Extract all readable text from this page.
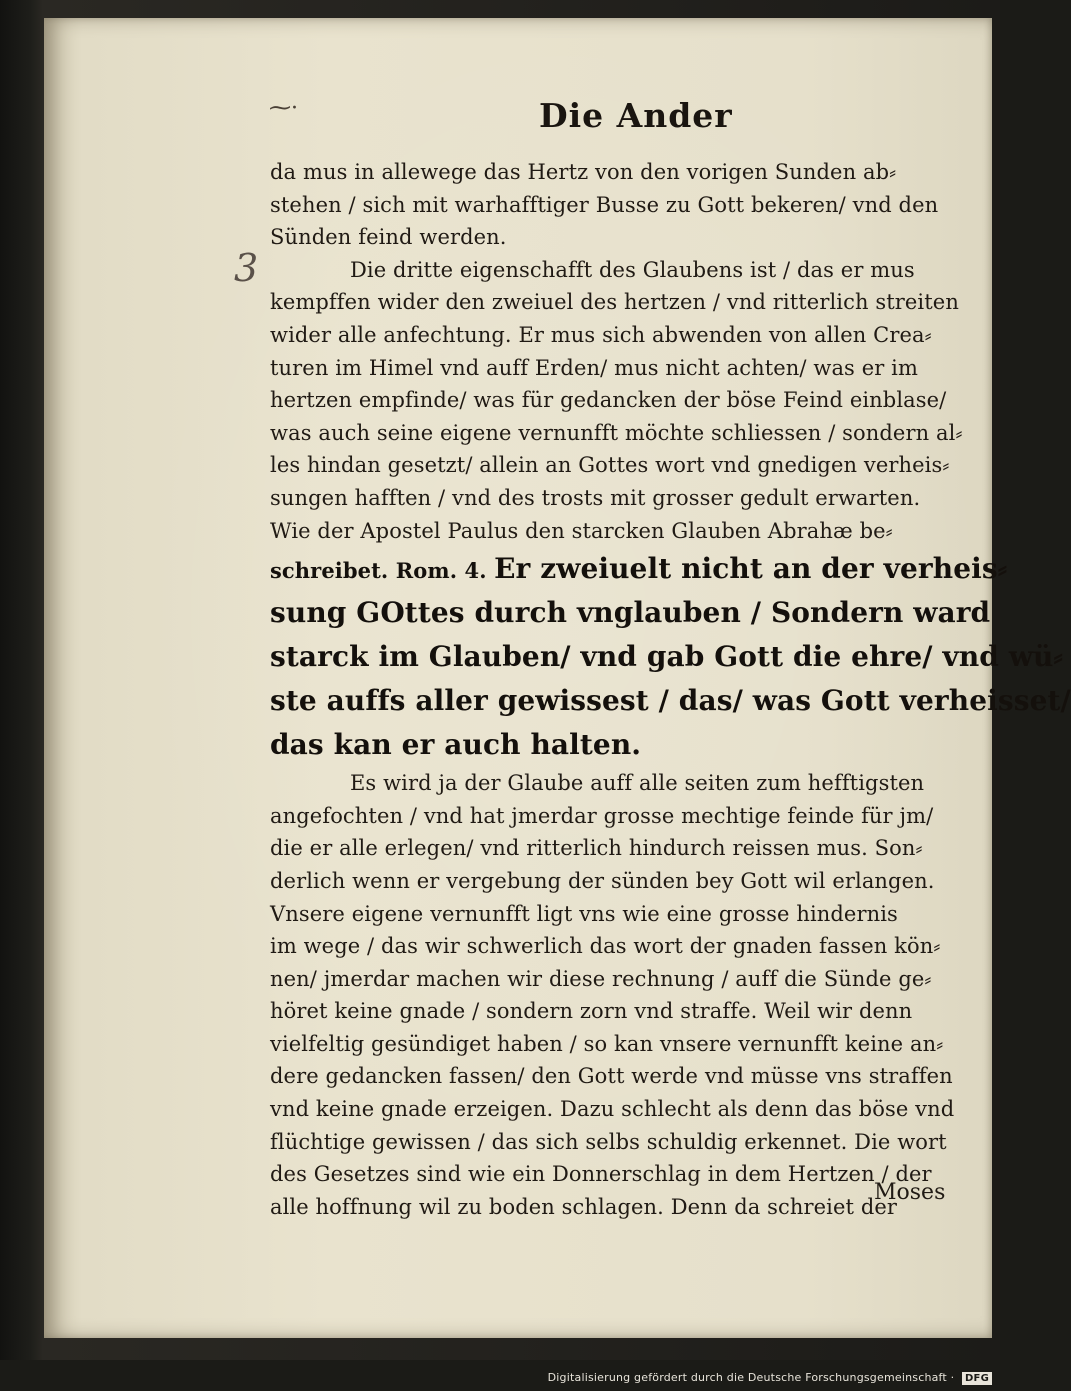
⁓·	Die Ander
3
da mus in allewege das Hertz von den vorigen Sunden ab⸗
stehen / sich mit warhafftiger Busse zu Gott bekeren/ vnd den
Sünden feind werden.
Die dritte eigenschafft des Glaubens ist / das er mus
kempffen wider den zweiuel des hertzen / vnd ritterlich streiten
wider alle anfechtung. Er mus sich abwenden von allen Crea⸗
turen im Himel vnd auff Erden/ mus nicht achten/ was er im
hertzen empfinde/ was für gedancken der böse Feind einblase/
was auch seine eigene vernunfft möchte schliessen / sondern al⸗
les hindan gesetzt/ allein an Gottes wort vnd gnedigen verheis⸗
sungen hafften / vnd des trosts mit grosser gedult erwarten.
Wie der Apostel Paulus den starcken Glauben Abrahæ be⸗
schreibet. Rom. 4. Er zweiuelt nicht an der verheis⸗
sung GOttes durch vnglauben / Sondern ward
starck im Glauben/ vnd gab Gott die ehre/ vnd wü⸗
ste auffs aller gewissest / das/ was Gott verheisset/
das kan er auch halten.
Es wird ja der Glaube auff alle seiten zum hefftigsten
angefochten / vnd hat jmerdar grosse mechtige feinde für jm/
die er alle erlegen/ vnd ritterlich hindurch reissen mus. Son⸗
derlich wenn er vergebung der sünden bey Gott wil erlangen.
Vnsere eigene vernunfft ligt vns wie eine grosse hindernis
im wege / das wir schwerlich das wort der gnaden fassen kön⸗
nen/ jmerdar machen wir diese rechnung / auff die Sünde ge⸗
höret keine gnade / sondern zorn vnd straffe. Weil wir denn
vielfeltig gesündiget haben / so kan vnsere vernunfft keine an⸗
dere gedancken fassen/ den Gott werde vnd müsse vns straffen
vnd keine gnade erzeigen. Dazu schlecht als denn das böse vnd
flüchtige gewissen / das sich selbs schuldig erkennet. Die wort
des Gesetzes sind wie ein Donnerschlag in dem Hertzen / der
alle hoffnung wil zu boden schlagen. Denn da schreiet der
Moses
Digitalisierung gefördert durch die Deutsche Forschungsgemeinschaft · DFG
